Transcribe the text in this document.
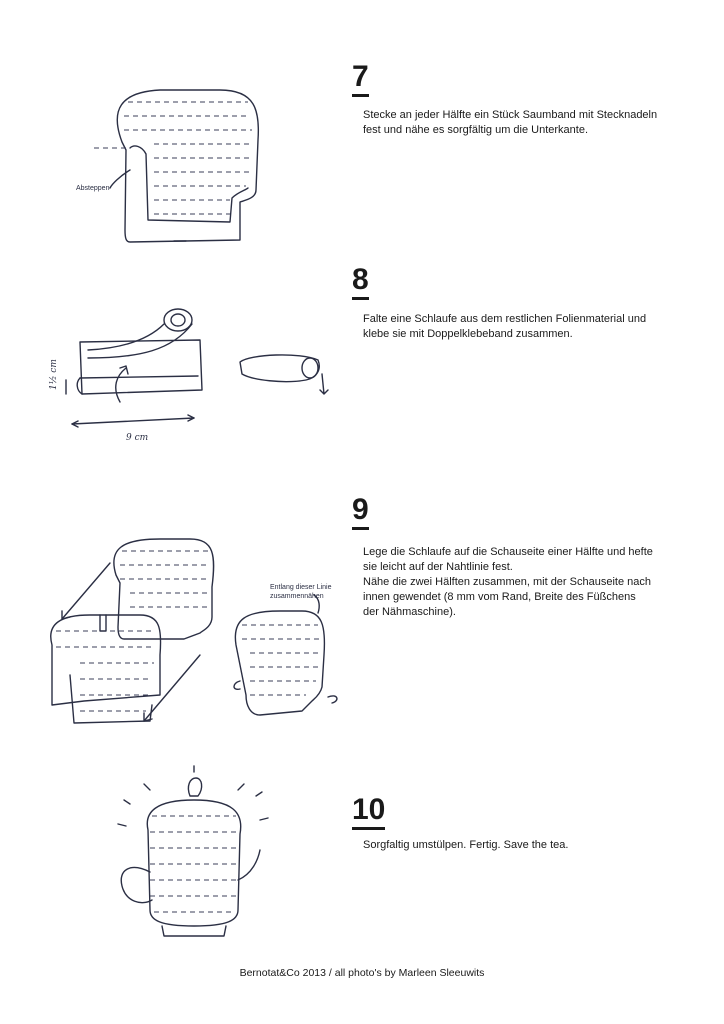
7
Stecke an jeder Hälfte ein Stück Saumband mit Stecknadeln
fest und nähe es sorgfältig um die Unterkante.
Absteppen
8
Falte eine Schlaufe aus dem restlichen Folienmaterial und
klebe sie mit Doppelklebeband zusammen.
1½ cm
9 cm
9
Lege die Schlaufe auf die Schauseite einer Hälfte und hefte
sie leicht auf der Nahtlinie fest.
Nähe die zwei Hälften zusammen, mit der Schauseite nach
innen gewendet (8 mm vom Rand, Breite des Füßchens
der Nähmaschine).
Entlang dieser Linie
zusammennähen
10
Sorgfaltig umstülpen. Fertig. Save the tea.
Bernotat&Co 2013 / all photo's by Marleen Sleeuwits
